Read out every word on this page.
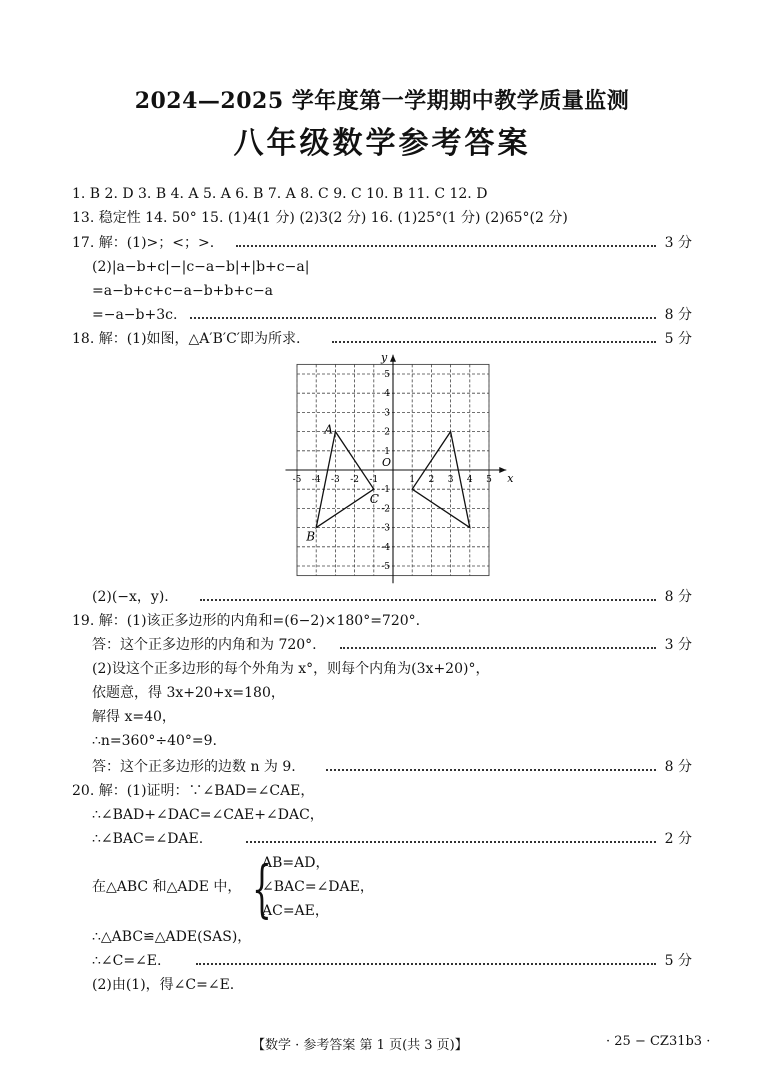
2024—2025 学年度第一学期期中教学质量监测
八年级数学参考答案
1. B 2. D 3. B 4. A 5. A 6. B 7. A 8. C 9. C 10. B 11. C 12. D
13. 稳定性 14. 50° 15. (1)4(1 分) (2)3(2 分) 16. (1)25°(1 分) (2)65°(2 分)
17. 解：(1)>；<；>.	3 分
(2)|a−b+c|−|c−a−b|+|b+c−a|
=a−b+c+c−a−b+b+c−a
=−a−b+3c.	8 分
18. 解：(1)如图，△A′B′C′即为所求.	5 分
x
y
O
-5 -4 -3 -2 -1	1 2 3 4 5
5
4
3
2
1
-1
-2
-3
-4
-5
A
B
C
(2)(−x，y).	8 分
19. 解：(1)该正多边形的内角和=(6−2)×180°=720°.
答：这个正多边形的内角和为 720°.	3 分
(2)设这个正多边形的每个外角为 x°，则每个内角为(3x+20)°，
依题意，得 3x+20+x=180，
解得 x=40，
∴n=360°÷40°=9.
答：这个正多边形的边数 n 为 9.	8 分
20. 解：(1)证明：∵∠BAD=∠CAE，
∴∠BAD+∠DAC=∠CAE+∠DAC，
∴∠BAC=∠DAE.	2 分
在△ABC 和△ADE 中， {
AB=AD，
∠BAC=∠DAE，
AC=AE，
∴△ABC≌△ADE(SAS)，
∴∠C=∠E.	5 分
(2)由(1)，得∠C=∠E.
【数学 · 参考答案 第 1 页(共 3 页)】	· 25 − CZ31b3 ·
